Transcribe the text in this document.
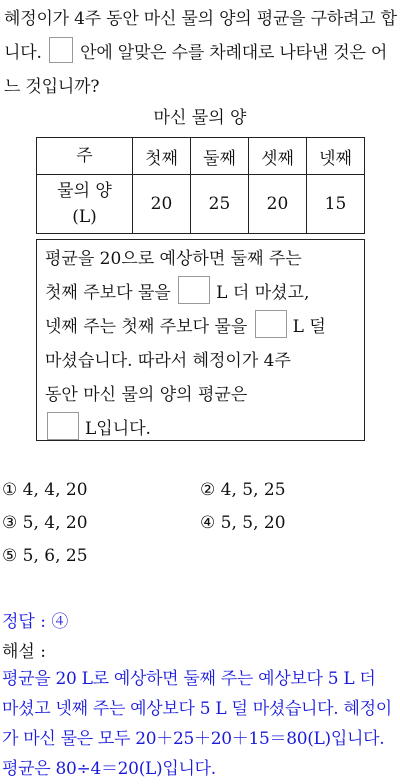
혜정이가 4주 동안 마신 물의 양의 평균을 구하려고 합니다. 안에 알맞은 수를 차례대로 나타낸 것은 어느 것입니까?
마신 물의 양
주	첫째	둘째	셋째	넷째
물의 양
(L)	20	25	20	15
평균을 20으로 예상하면 둘째 주는
첫째 주보다 물을	L 더 마셨고,
넷째 주는 첫째 주보다 물을	L 덜
마셨습니다. 따라서 혜정이가 4주
동안 마신 물의 양의 평균은
L입니다.
① 4, 4, 20	② 4, 5, 25
③ 5, 4, 20	④ 5, 5, 20
⑤ 5, 6, 25
정답 : ④
해설 :
평균을 20 L로 예상하면 둘째 주는 예상보다 5 L 더
마셨고 넷째 주는 예상보다 5 L 덜 마셨습니다. 혜정이
가 마신 물은 모두 20＋25＋20＋15＝80(L)입니다.
평균은 80÷4＝20(L)입니다.
